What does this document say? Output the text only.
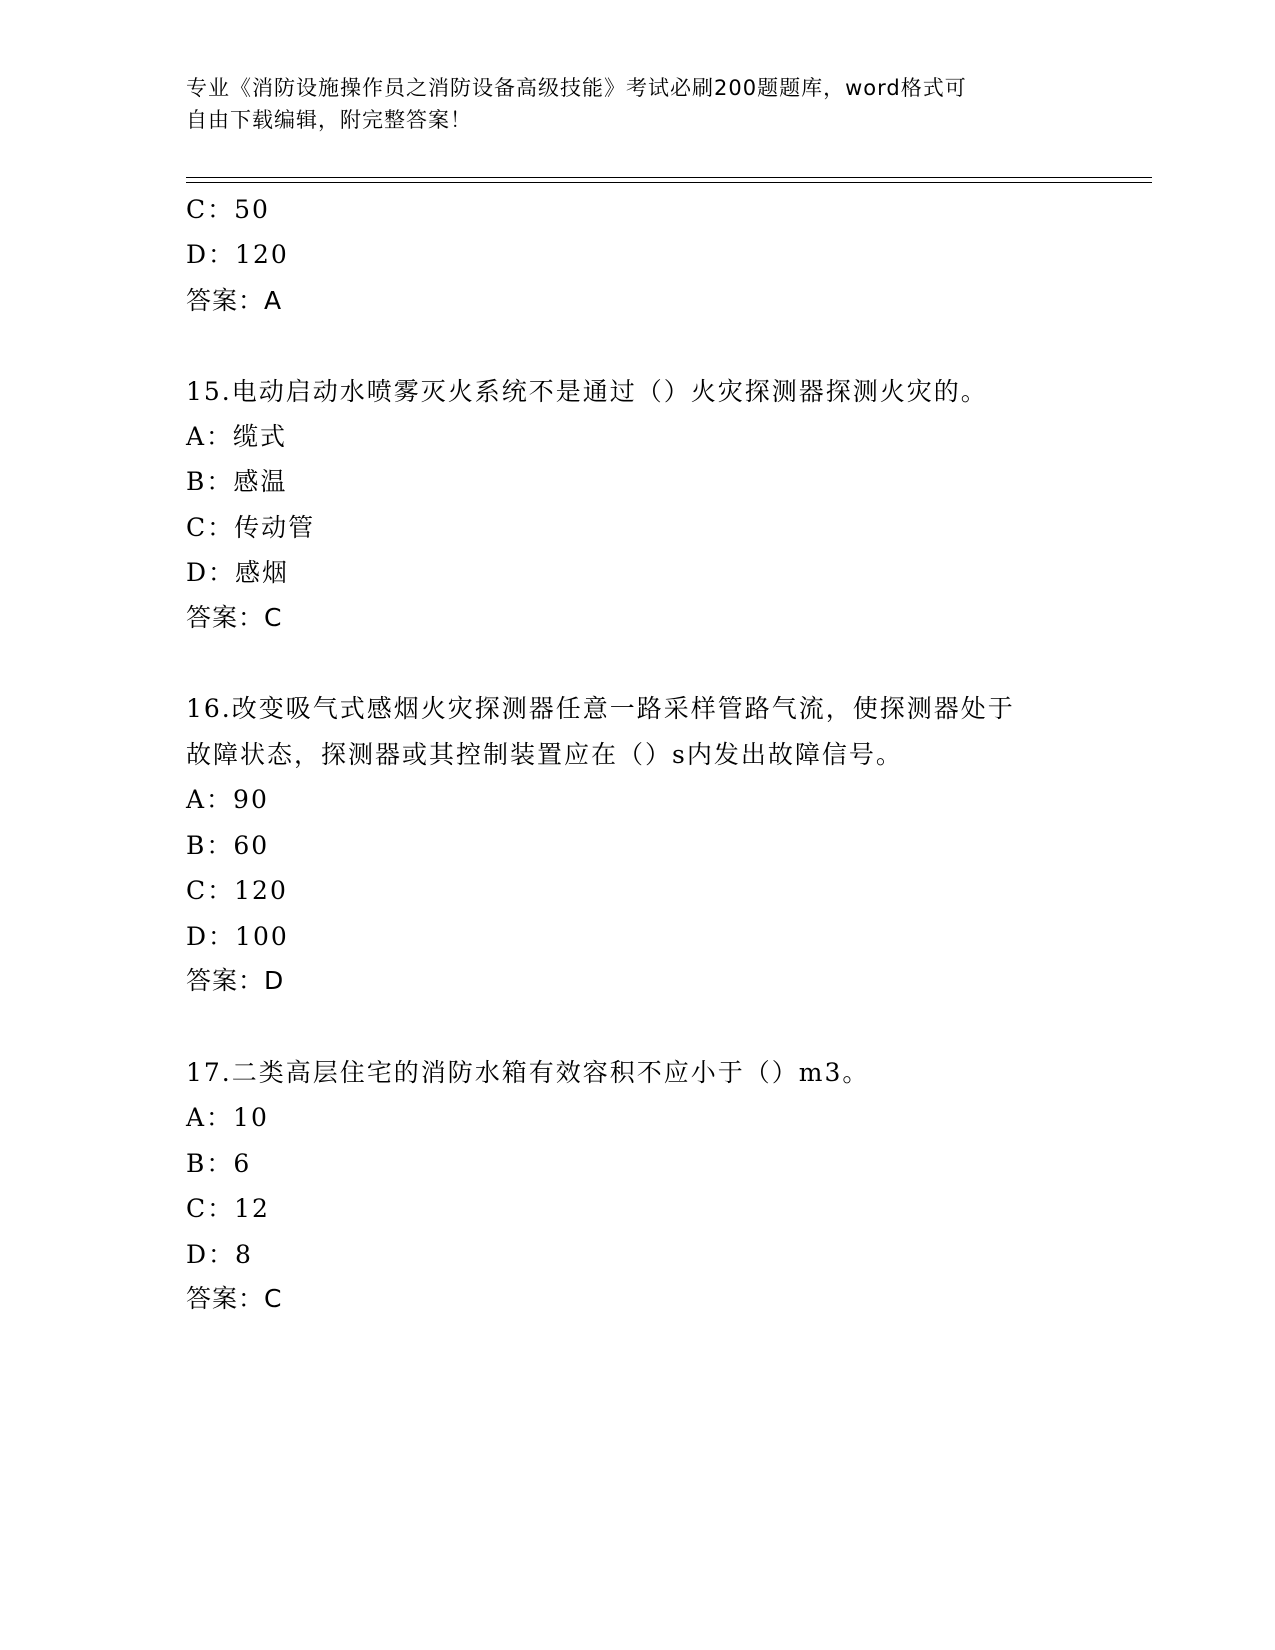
专业《消防设施操作员之消防设备高级技能》考试必刷200题题库，word格式可
自由下载编辑，附完整答案！
C：50
D：120
答案：A
15.电动启动水喷雾灭火系统不是通过（）火灾探测器探测火灾的。
A：缆式
B：感温
C：传动管
D：感烟
答案：C
16.改变吸气式感烟火灾探测器任意一路采样管路气流，使探测器处于
故障状态，探测器或其控制装置应在（）s内发出故障信号。
A：90
B：60
C：120
D：100
答案：D
17.二类高层住宅的消防水箱有效容积不应小于（）m3。
A：10
B：6
C：12
D：8
答案：C
